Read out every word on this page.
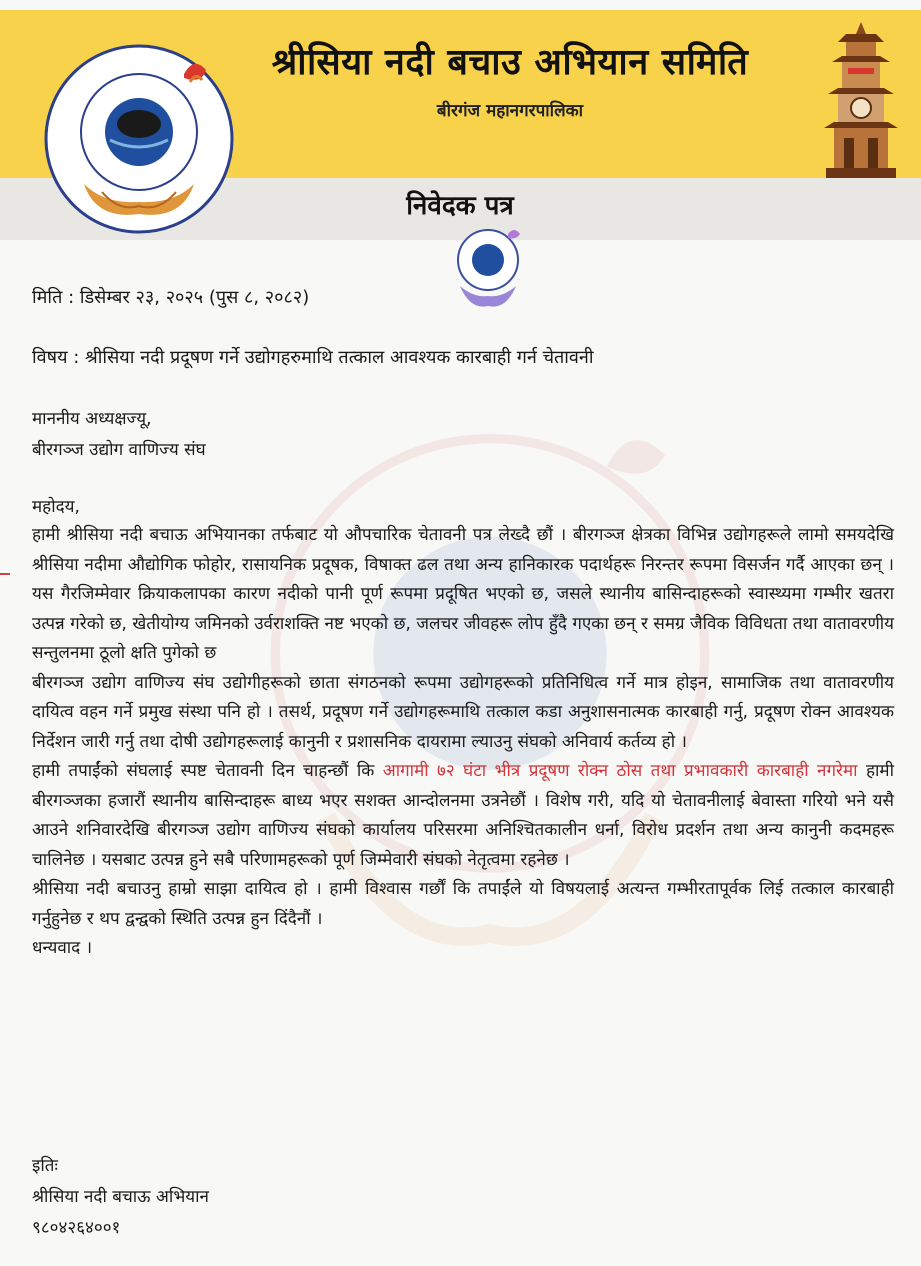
श्रीसिया नदी बचाउ अभियान समिति
बीरगंज महानगरपालिका
निवेदक पत्र
मिति : डिसेम्बर २३, २०२५ (पुस ८, २०८२)
विषय : श्रीसिया नदी प्रदूषण गर्ने उद्योगहरुमाथि तत्काल आवश्यक कारबाही गर्न चेतावनी
माननीय अध्यक्षज्यू,
बीरगञ्ज उद्योग वाणिज्य संघ
महोदय,

हामी श्रीसिया नदी बचाऊ अभियानका तर्फबाट यो औपचारिक चेतावनी पत्र लेख्दै छौं । बीरगञ्ज क्षेत्रका विभिन्न उद्योगहरूले लामो समयदेखि श्रीसिया नदीमा औद्योगिक फोहोर, रासायनिक प्रदूषक, विषाक्त ढल तथा अन्य हानिकारक पदार्थहरू निरन्तर रूपमा विसर्जन गर्दै आएका छन् । यस गैरजिम्मेवार क्रियाकलापका कारण नदीको पानी पूर्ण रूपमा प्रदूषित भएको छ, जसले स्थानीय बासिन्दाहरूको स्वास्थ्यमा गम्भीर खतरा उत्पन्न गरेको छ, खेतीयोग्य जमिनको उर्वराशक्ति नष्ट भएको छ, जलचर जीवहरू लोप हुँदै गएका छन् र समग्र जैविक विविधता तथा वातावरणीय सन्तुलनमा ठूलो क्षति पुगेको छ

बीरगञ्ज उद्योग वाणिज्य संघ उद्योगीहरूको छाता संगठनको रूपमा उद्योगहरूको प्रतिनिधित्व गर्ने मात्र होइन, सामाजिक तथा वातावरणीय दायित्व वहन गर्ने प्रमुख संस्था पनि हो । तसर्थ, प्रदूषण गर्ने उद्योगहरूमाथि तत्काल कडा अनुशासनात्मक कारबाही गर्नु, प्रदूषण रोक्न आवश्यक निर्देशन जारी गर्नु तथा दोषी उद्योगहरूलाई कानुनी र प्रशासनिक दायरामा ल्याउनु संघको अनिवार्य कर्तव्य हो ।

हामी तपाईंको संघलाई स्पष्ट चेतावनी दिन चाहन्छौं कि आगामी ७२ घंटा भीत्र प्रदूषण रोक्न ठोस तथा प्रभावकारी कारबाही नगरेमा हामी बीरगञ्जका हजारौं स्थानीय बासिन्दाहरू बाध्य भएर सशक्त आन्दोलनमा उत्रनेछौं । विशेष गरी, यदि यो चेतावनीलाई बेवास्ता गरियो भने यसै आउने शनिवारदेखि बीरगञ्ज उद्योग वाणिज्य संघको कार्यालय परिसरमा अनिश्चितकालीन धर्ना, विरोध प्रदर्शन तथा अन्य कानुनी कदमहरू चालिनेछ । यसबाट उत्पन्न हुने सबै परिणामहरूको पूर्ण जिम्मेवारी संघको नेतृत्वमा रहनेछ ।

श्रीसिया नदी बचाउनु हाम्रो साझा दायित्व हो । हामी विश्वास गर्छौं कि तपाईंले यो विषयलाई अत्यन्त गम्भीरतापूर्वक लिई तत्काल कारबाही गर्नुहुनेछ र थप द्वन्द्वको स्थिति उत्पन्न हुन दिंदैनौं ।

धन्यवाद ।

इतिः
श्रीसिया नदी बचाऊ अभियान
९८०४२६४००१
